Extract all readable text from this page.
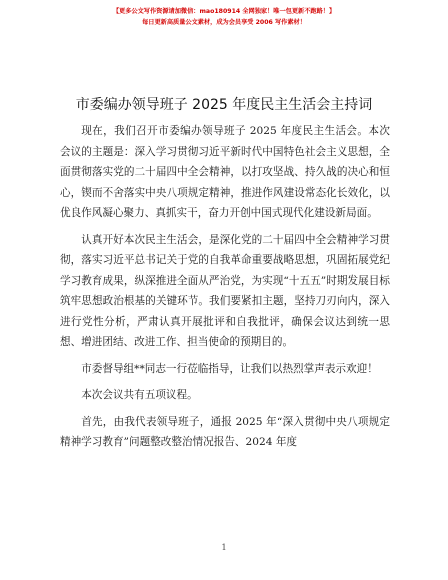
【更多公文写作资源请加微信：mao180914 全网独家！唯一包更新不跑路！】
每日更新高质量公文素材，成为会员享受 2006 写作素材！
市委编办领导班子 2025 年度民主生活会主持词

现在，我们召开市委编办领导班子 2025 年度民主生活会。本次会议的主题是：深入学习贯彻习近平新时代中国特色社会主义思想，全面贯彻落实党的二十届四中全会精神，以打攻坚战、持久战的决心和恒心，锲而不舍落实中央八项规定精神，推进作风建设常态化长效化，以优良作风凝心聚力、真抓实干，奋力开创中国式现代化建设新局面。

认真开好本次民主生活会，是深化党的二十届四中全会精神学习贯彻，落实习近平总书记关于党的自我革命重要战略思想，巩固拓展党纪学习教育成果，纵深推进全面从严治党，为实现“十五五”时期发展目标筑牢思想政治根基的关键环节。我们要紧扣主题，坚持刀刃向内，深入进行党性分析，严肃认真开展批评和自我批评，确保会议达到统一思想、增进团结、改进工作、担当使命的预期目的。

市委督导组**同志一行莅临指导，让我们以热烈掌声表示欢迎！

本次会议共有五项议程。

首先，由我代表领导班子，通报 2025 年“深入贯彻中央八项规定精神学习教育”问题整改整治情况报告、2024 年度

1
